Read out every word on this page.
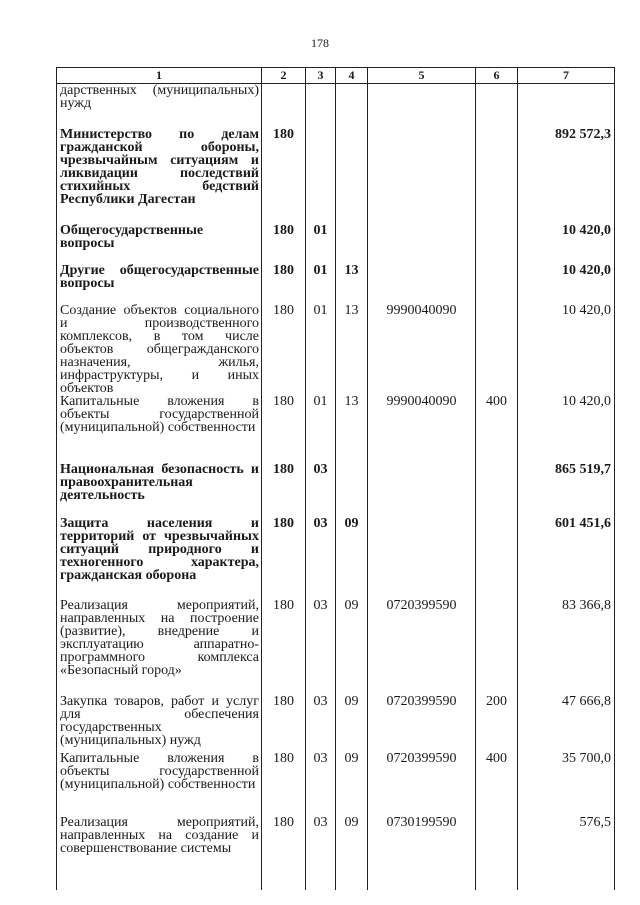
178
1	2	3	4	5	6	7
дарственных (муниципальных) нужд						
Министерство по делам гражданской обороны, чрезвычайным ситуациям и ликвидации последствий стихийных бедствий Республики Дагестан	180					892 572,3
Общегосударственные вопросы	180	01				10 420,0
Другие общегосударственные вопросы	180	01	13			10 420,0
Создание объектов социального и производственного комплексов, в том числе объектов общегражданского назначения, жилья, инфраструктуры, и иных объектов	180	01	13	9990040090		10 420,0
Капитальные вложения в объекты государственной (муниципальной) собственности	180	01	13	9990040090	400	10 420,0
Национальная безопасность и правоохранительная деятельность	180	03				865 519,7
Защита населения и территорий от чрезвычайных ситуаций природного и техногенного характера, гражданская оборона	180	03	09			601 451,6
Реализация мероприятий, направленных на построение (развитие), внедрение и эксплуатацию аппаратно-программного комплекса «Безопасный город»	180	03	09	0720399590		83 366,8
Закупка товаров, работ и услуг для обеспечения государственных (муниципальных) нужд	180	03	09	0720399590	200	47 666,8
Капитальные вложения в объекты государственной (муниципальной) собственности	180	03	09	0720399590	400	35 700,0
Реализация мероприятий, направленных на создание и совершенствование системы	180	03	09	0730199590		576,5
